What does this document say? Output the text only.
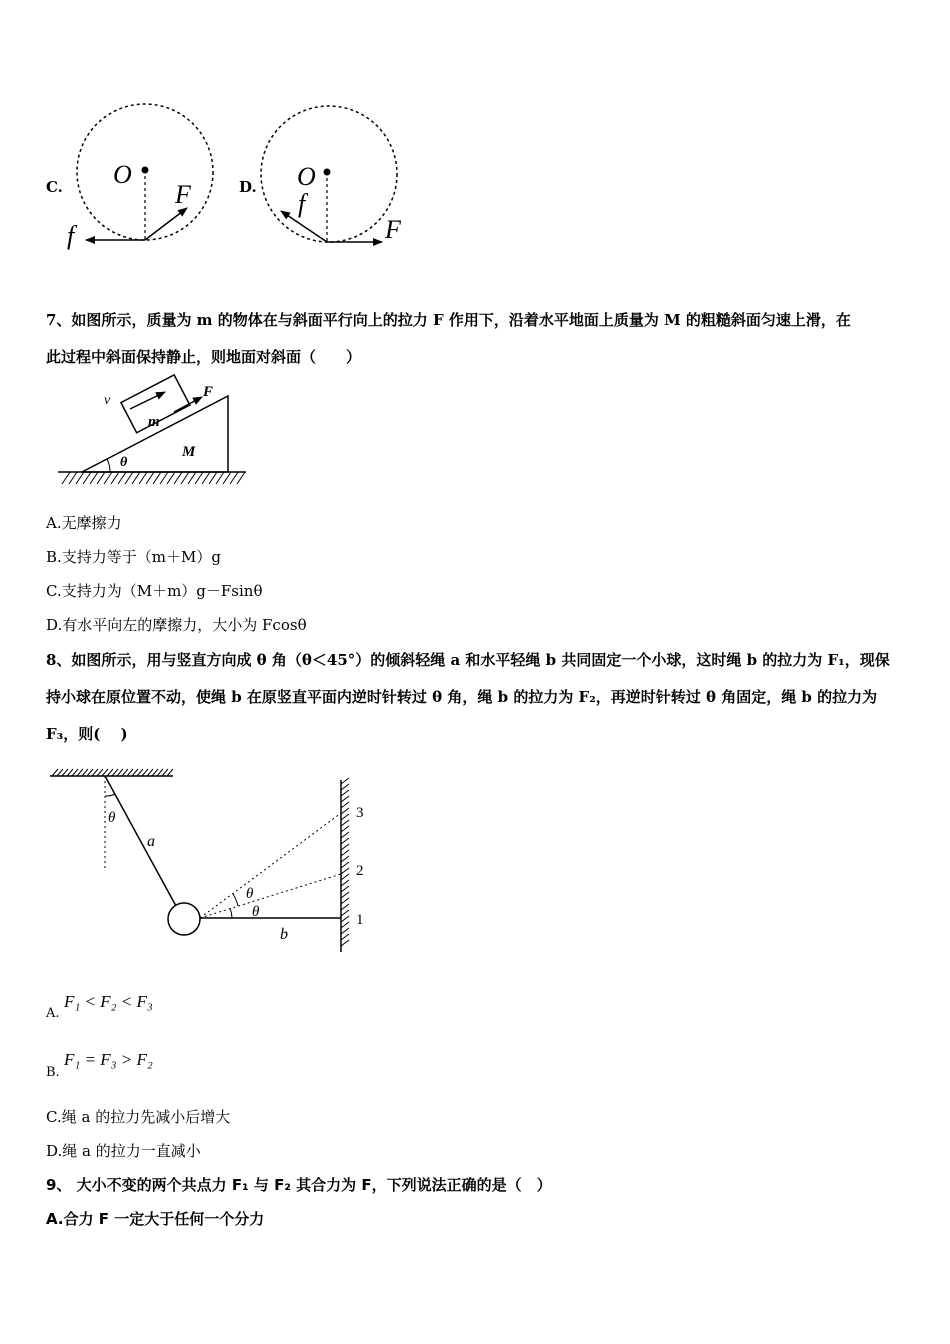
C. O
F
f
D. O
f
F
7、如图所示，质量为 m 的物体在与斜面平行向上的拉力 F 作用下，沿着水平地面上质量为 M 的粗糙斜面匀速上滑，在
此过程中斜面保持静止，则地面对斜面（　　）
v
F
m
M
θ
A.无摩擦力
B.支持力等于（m＋M）g
C.支持力为（M＋m）g－Fsinθ
D.有水平向左的摩擦力，大小为 Fcosθ
8、如图所示，用与竖直方向成 θ 角（θ＜45°）的倾斜轻绳 a 和水平轻绳 b 共同固定一个小球，这时绳 b 的拉力为 F₁，现保
持小球在原位置不动，使绳 b 在原竖直平面内逆时针转过 θ 角，绳 b 的拉力为 F₂，再逆时针转过 θ 角固定，绳 b 的拉力为
F₃，则(　 )
θ
a
b
θ
θ
1
2
3
A.
F₁ < F₂ < F₃
B.
F₁ = F₃ > F₂
C.绳 a 的拉力先减小后增大
D.绳 a 的拉力一直减小
9、 大小不变的两个共点力 F₁ 与 F₂ 其合力为 F，下列说法正确的是（　）
A.合力 F 一定大于任何一个分力
